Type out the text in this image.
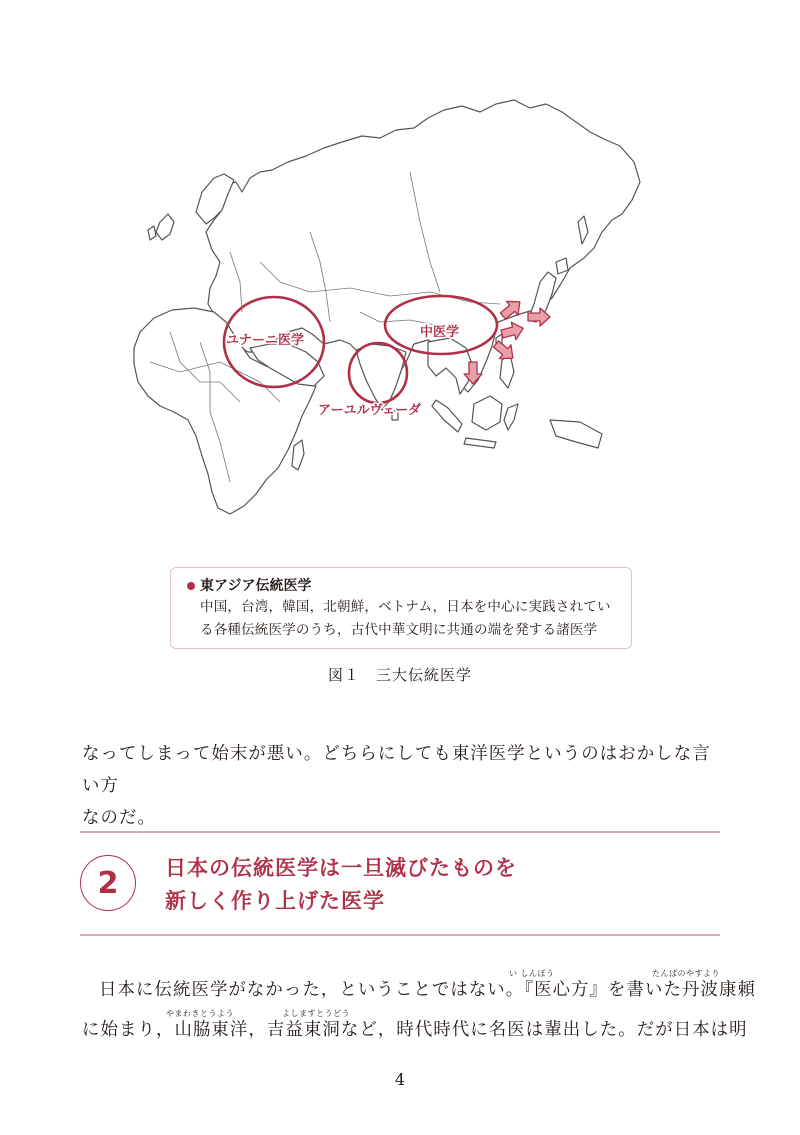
ユナーニ医学
中医学
アーユルヴェーダ
東アジア伝統医学
中国，台湾，韓国，北朝鮮，ベトナム，日本を中心に実践されてい
る各種伝統医学のうち，古代中華文明に共通の端を発する諸医学
図１　三大伝統医学
なってしまって始末が悪い。どちらにしても東洋医学というのはおかしな言い方
なのだ。
2	日本の伝統医学は一旦滅びたものを
新しく作り上げた医学
い しんぽう	たんばのやすより
日本に伝統医学がなかった，ということではない。『医心方』を書いた丹波康頼
やまわきとうよう	よしますとうどう
に始まり，山脇東洋，吉益東洞など，時代時代に名医は輩出した。だが日本は明
4
